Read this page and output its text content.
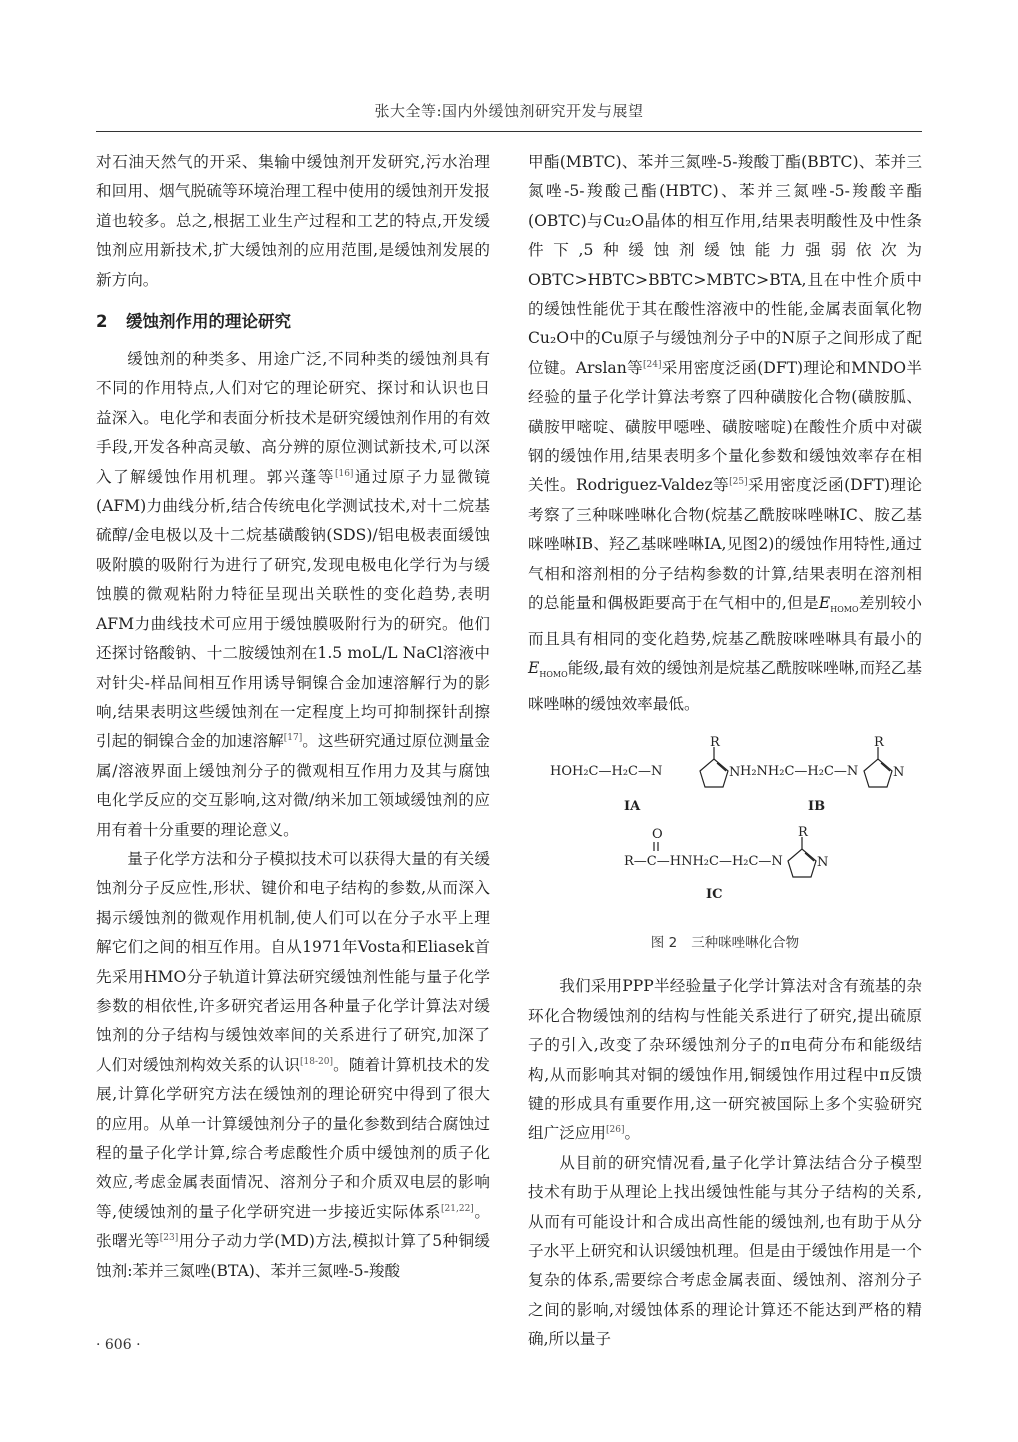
张大全等:国内外缓蚀剂研究开发与展望

对石油天然气的开采、集输中缓蚀剂开发研究,污水治理和回用、烟气脱硫等环境治理工程中使用的缓蚀剂开发报道也较多。总之,根据工业生产过程和工艺的特点,开发缓蚀剂应用新技术,扩大缓蚀剂的应用范围,是缓蚀剂发展的新方向。

2 缓蚀剂作用的理论研究

缓蚀剂的种类多、用途广泛,不同种类的缓蚀剂具有不同的作用特点,人们对它的理论研究、探讨和认识也日益深入。电化学和表面分析技术是研究缓蚀剂作用的有效手段,开发各种高灵敏、高分辨的原位测试新技术,可以深入了解缓蚀作用机理。郭兴蓬等[16]通过原子力显微镜(AFM)力曲线分析,结合传统电化学测试技术,对十二烷基硫醇/金电极以及十二烷基磺酸钠(SDS)/铝电极表面缓蚀吸附膜的吸附行为进行了研究,发现电极电化学行为与缓蚀膜的微观粘附力特征呈现出关联性的变化趋势,表明AFM力曲线技术可应用于缓蚀膜吸附行为的研究。他们还探讨铬酸钠、十二胺缓蚀剂在1.5 moL/L NaCl溶液中对针尖-样品间相互作用诱导铜镍合金加速溶解行为的影响,结果表明这些缓蚀剂在一定程度上均可抑制探针刮擦引起的铜镍合金的加速溶解[17]。这些研究通过原位测量金属/溶液界面上缓蚀剂分子的微观相互作用力及其与腐蚀电化学反应的交互影响,这对微/纳米加工领域缓蚀剂的应用有着十分重要的理论意义。

量子化学方法和分子模拟技术可以获得大量的有关缓蚀剂分子反应性,形状、键价和电子结构的参数,从而深入揭示缓蚀剂的微观作用机制,使人们可以在分子水平上理解它们之间的相互作用。自从1971年Vosta和Eliasek首先采用HMO分子轨道计算法研究缓蚀剂性能与量子化学参数的相依性,许多研究者运用各种量子化学计算法对缓蚀剂的分子结构与缓蚀效率间的关系进行了研究,加深了人们对缓蚀剂构效关系的认识[18-20]。随着计算机技术的发展,计算化学研究方法在缓蚀剂的理论研究中得到了很大的应用。从单一计算缓蚀剂分子的量化参数到结合腐蚀过程的量子化学计算,综合考虑酸性介质中缓蚀剂的质子化效应,考虑金属表面情况、溶剂分子和介质双电层的影响等,使缓蚀剂的量子化学研究进一步接近实际体系[21,22]。张曙光等[23]用分子动力学(MD)方法,模拟计算了5种铜缓蚀剂:苯并三氮唑(BTA)、苯并三氮唑-5-羧酸

甲酯(MBTC)、苯并三氮唑-5-羧酸丁酯(BBTC)、苯并三氮唑-5-羧酸己酯(HBTC)、苯并三氮唑-5-羧酸辛酯(OBTC)与Cu₂O晶体的相互作用,结果表明酸性及中性条件下,5种缓蚀剂缓蚀能力强弱依次为OBTC>HBTC>BBTC>MBTC>BTA,且在中性介质中的缓蚀性能优于其在酸性溶液中的性能,金属表面氧化物Cu₂O中的Cu原子与缓蚀剂分子中的N原子之间形成了配位键。Arslan等[24]采用密度泛函(DFT)理论和MNDO半经验的量子化学计算法考察了四种磺胺化合物(磺胺胍、磺胺甲嘧啶、磺胺甲噁唑、磺胺嘧啶)在酸性介质中对碳钢的缓蚀作用,结果表明多个量化参数和缓蚀效率存在相关性。Rodriguez-Valdez等[25]采用密度泛函(DFT)理论考察了三种咪唑啉化合物(烷基乙酰胺咪唑啉IC、胺乙基咪唑啉IB、羟乙基咪唑啉IA,见图2)的缓蚀作用特性,通过气相和溶剂相的分子结构参数的计算,结果表明在溶剂相的总能量和偶极距要高于在气相中的,但是$E_{HOMO}$差别较小而且具有相同的变化趋势,烷基乙酰胺咪唑啉具有最小的$E_{HOMO}$能级,最有效的缓蚀剂是烷基乙酰胺咪唑啉,而羟乙基咪唑啉的缓蚀效率最低。

HOH₂C—H₂C—N
R
N
IA
H₂NH₂C—H₂C—N
R
N
IB
O
R—C—HNH₂C—H₂C—N
R
N
IC
图 2 三种咪唑啉化合物

我们采用PPP半经验量子化学计算法对含有巯基的杂环化合物缓蚀剂的结构与性能关系进行了研究,提出硫原子的引入,改变了杂环缓蚀剂分子的π电荷分布和能级结构,从而影响其对铜的缓蚀作用,铜缓蚀作用过程中π反馈键的形成具有重要作用,这一研究被国际上多个实验研究组广泛应用[26]。

从目前的研究情况看,量子化学计算法结合分子模型技术有助于从理论上找出缓蚀性能与其分子结构的关系,从而有可能设计和合成出高性能的缓蚀剂,也有助于从分子水平上研究和认识缓蚀机理。但是由于缓蚀作用是一个复杂的体系,需要综合考虑金属表面、缓蚀剂、溶剂分子之间的影响,对缓蚀体系的理论计算还不能达到严格的精确,所以量子

· 606 ·
